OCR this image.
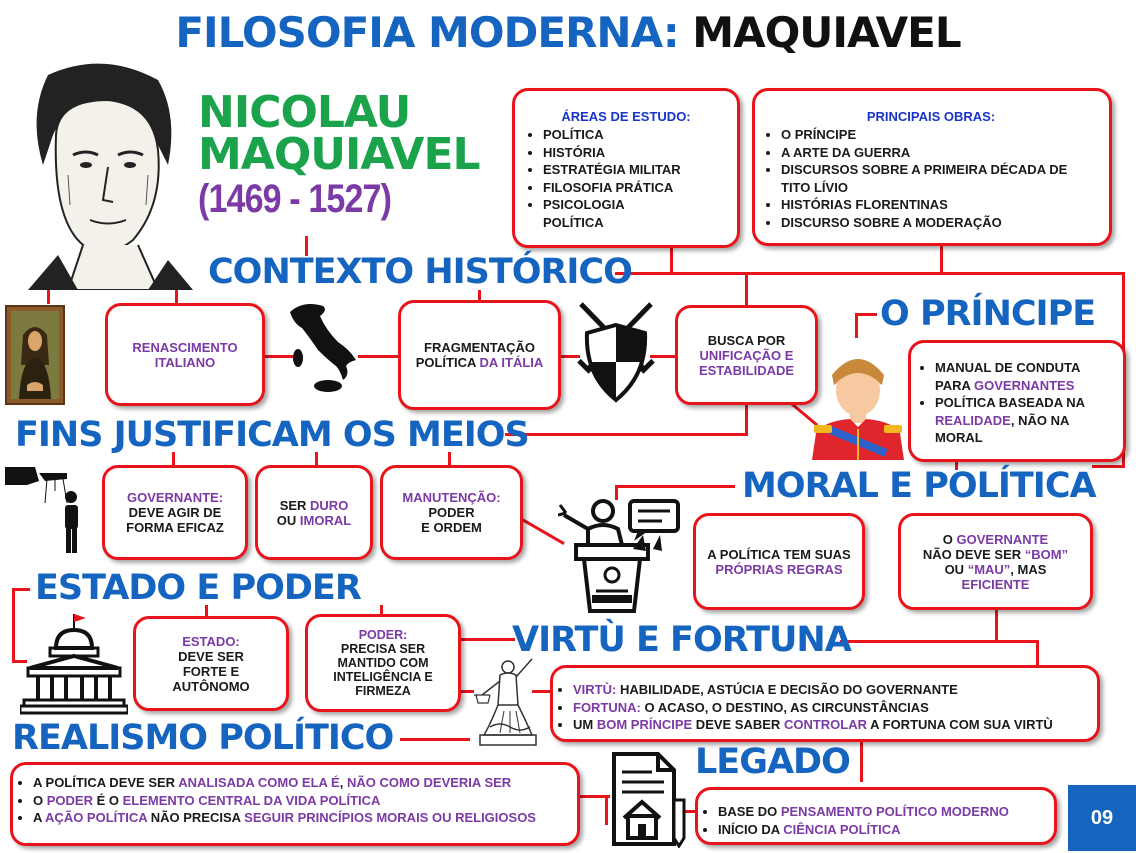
FILOSOFIA MODERNA: MAQUIAVEL
NICOLAU
MAQUIAVEL
(1469 - 1527)
ÁREAS DE ESTUDO:
• POLÍTICA
• HISTÓRIA
• ESTRATÉGIA MILITAR
• FILOSOFIA PRÁTICA
• PSICOLOGIA POLÍTICA
PRINCIPAIS OBRAS:
• O PRÍNCIPE
• A ARTE DA GUERRA
• DISCURSOS SOBRE A PRIMEIRA DÉCADA DE TITO LÍVIO
• HISTÓRIAS FLORENTINAS
• DISCURSO SOBRE A MODERAÇÃO
CONTEXTO HISTÓRICO
RENASCIMENTO ITALIANO
FRAGMENTAÇÃO POLÍTICA DA ITÁLIA
BUSCA POR UNIFICAÇÃO E ESTABILIDADE
O PRÍNCIPE
• MANUAL DE CONDUTA PARA GOVERNANTES
• POLÍTICA BASEADA NA REALIDADE, NÃO NA MORAL
FINS JUSTIFICAM OS MEIOS
GOVERNANTE:
DEVE AGIR DE FORMA EFICAZ
SER DURO
OU IMORAL
MANUTENÇÃO:
PODER
E ORDEM
MORAL E POLÍTICA
A POLÍTICA TEM SUAS PRÓPRIAS REGRAS
O GOVERNANTE
NÃO DEVE SER “BOM”
OU “MAU”, MAS
EFICIENTE
ESTADO E PODER
ESTADO:
DEVE SER FORTE E AUTÔNOMO
PODER:
PRECISA SER MANTIDO COM INTELIGÊNCIA E FIRMEZA
VIRTÙ E FORTUNA
• VIRTÙ: HABILIDADE, ASTÚCIA E DECISÃO DO GOVERNANTE
• FORTUNA: O ACASO, O DESTINO, AS CIRCUNSTÂNCIAS
• UM BOM PRÍNCIPE DEVE SABER CONTROLAR A FORTUNA COM SUA VIRTÙ
REALISMO POLÍTICO
• A POLÍTICA DEVE SER ANALISADA COMO ELA É, NÃO COMO DEVERIA SER
• O PODER É O ELEMENTO CENTRAL DA VIDA POLÍTICA
• A AÇÃO POLÍTICA NÃO PRECISA SEGUIR PRINCÍPIOS MORAIS OU RELIGIOSOS
LEGADO
• BASE DO PENSAMENTO POLÍTICO MODERNO
• INÍCIO DA CIÊNCIA POLÍTICA
09
